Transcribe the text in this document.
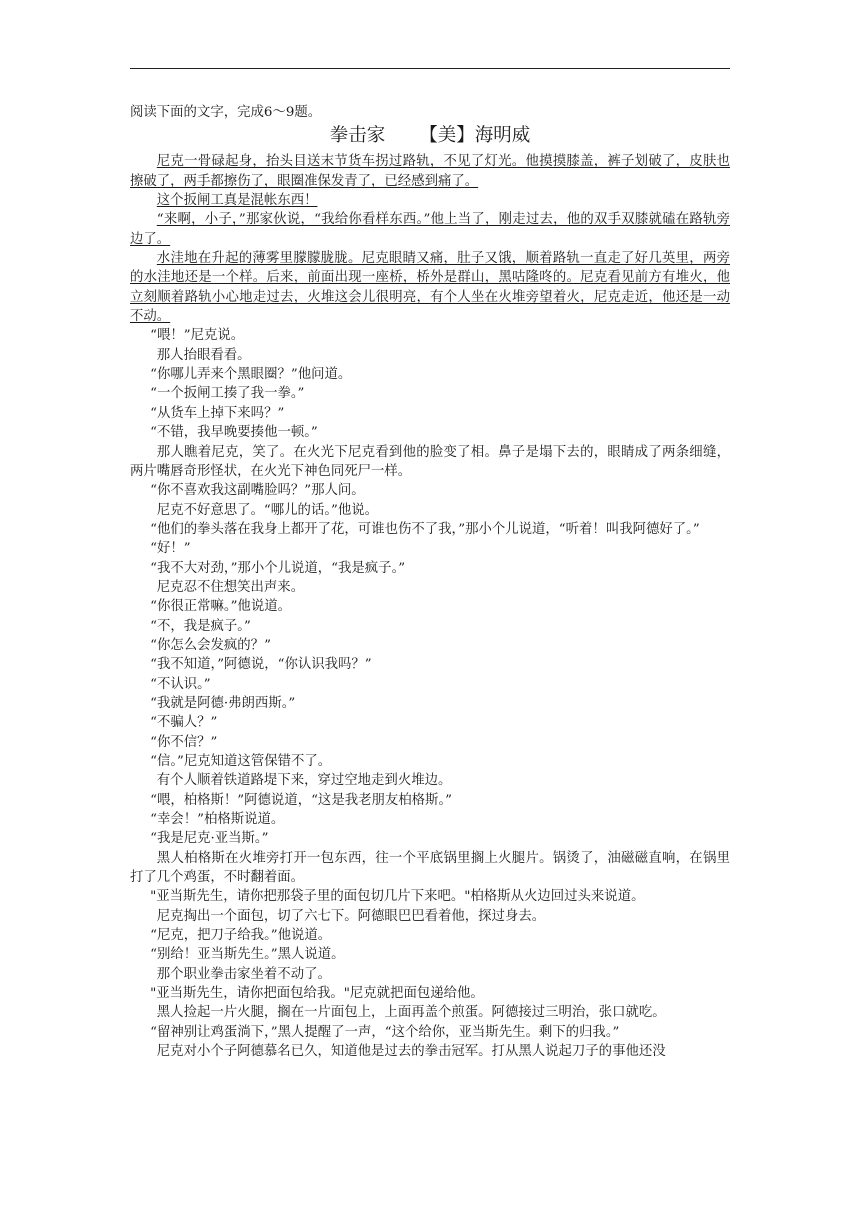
阅读下面的文字，完成6～9题。

拳击家 【美】海明威

尼克一骨碌起身，抬头目送末节货车拐过路轨，不见了灯光。他摸摸膝盖，裤子划破了，皮肤也擦破了，两手都擦伤了，眼圈准保发青了，已经感到痛了。

这个扳闸工真是混帐东西！

“来啊，小子，”那家伙说，“我给你看样东西。”他上当了，刚走过去，他的双手双膝就磕在路轨旁边了。

水洼地在升起的薄雾里朦朦胧胧。尼克眼睛又痛，肚子又饿，顺着路轨一直走了好几英里，两旁的水洼地还是一个样。后来，前面出现一座桥，桥外是群山，黑咕隆咚的。尼克看见前方有堆火，他立刻顺着路轨小心地走过去，火堆这会儿很明亮，有个人坐在火堆旁望着火，尼克走近，他还是一动不动。

“喂！”尼克说。

那人抬眼看看。

“你哪儿弄来个黑眼圈？”他问道。

“一个扳闸工揍了我一拳。”

“从货车上掉下来吗？”

“不错，我早晚要揍他一顿。”

那人瞧着尼克，笑了。在火光下尼克看到他的脸变了相。鼻子是塌下去的，眼睛成了两条细缝，两片嘴唇奇形怪状，在火光下神色同死尸一样。

“你不喜欢我这副嘴脸吗？”那人问。

尼克不好意思了。“哪儿的话。”他说。

“他们的拳头落在我身上都开了花，可谁也伤不了我，”那小个儿说道，“听着！叫我阿德好了。”

“好！”

“我不大对劲，”那小个儿说道，“我是疯子。”

尼克忍不住想笑出声来。

“你很正常嘛。”他说道。

“不，我是疯子。”

“你怎么会发疯的？”

“我不知道，”阿德说，“你认识我吗？”

“不认识。”

“我就是阿德·弗朗西斯。”

“不骗人？”

“你不信？”

“信。”尼克知道这管保错不了。

有个人顺着铁道路堤下来，穿过空地走到火堆边。

“喂，柏格斯！”阿德说道，“这是我老朋友柏格斯。”

“幸会！”柏格斯说道。

“我是尼克·亚当斯。”

黑人柏格斯在火堆旁打开一包东西，往一个平底锅里搁上火腿片。锅烫了，油磁磁直响，在锅里打了几个鸡蛋，不时翻着面。

"亚当斯先生，请你把那袋子里的面包切几片下来吧。"柏格斯从火边回过头来说道。

尼克掏出一个面包，切了六七下。阿德眼巴巴看着他，探过身去。

“尼克，把刀子给我。”他说道。

“别给！亚当斯先生。”黑人说道。

那个职业拳击家坐着不动了。

"亚当斯先生，请你把面包给我。"尼克就把面包递给他。

黑人捡起一片火腿，搁在一片面包上，上面再盖个煎蛋。阿德接过三明治，张口就吃。

“留神别让鸡蛋淌下，”黑人提醒了一声，“这个给你，亚当斯先生。剩下的归我。”

尼克对小个子阿德慕名已久，知道他是过去的拳击冠军。打从黑人说起刀子的事他还没
